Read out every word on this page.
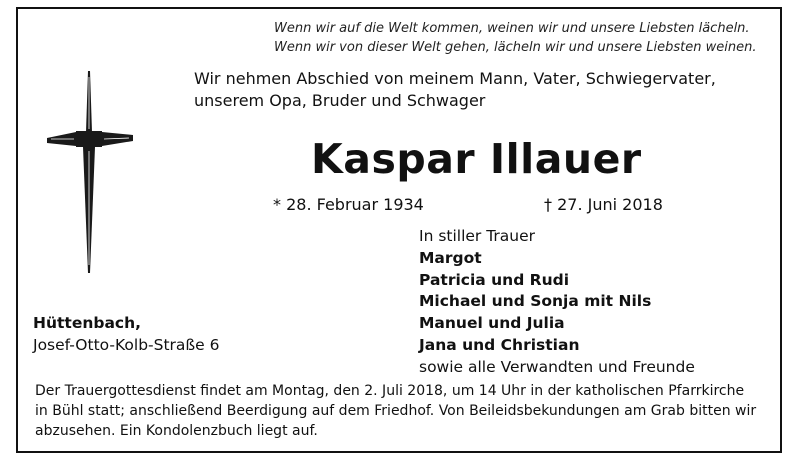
Wenn wir auf die Welt kommen, weinen wir und unsere Liebsten lächeln.
Wenn wir von dieser Welt gehen, lächeln wir und unsere Liebsten weinen.
Wir nehmen Abschied von meinem Mann, Vater, Schwiegervater,
unserem Opa, Bruder und Schwager
Kaspar Illauer
* 28. Februar 1934	† 27. Juni 2018
In stiller Trauer
Margot
Patricia und Rudi
Michael und Sonja mit Nils
Manuel und Julia
Jana und Christian
sowie alle Verwandten und Freunde
Hüttenbach,
Josef-Otto-Kolb-Straße 6
Der Trauergottesdienst findet am Montag, den 2. Juli 2018, um 14 Uhr in der katholischen Pfarrkirche
in Bühl statt; anschließend Beerdigung auf dem Friedhof. Von Beileidsbekundungen am Grab bitten wir
abzusehen. Ein Kondolenzbuch liegt auf.
